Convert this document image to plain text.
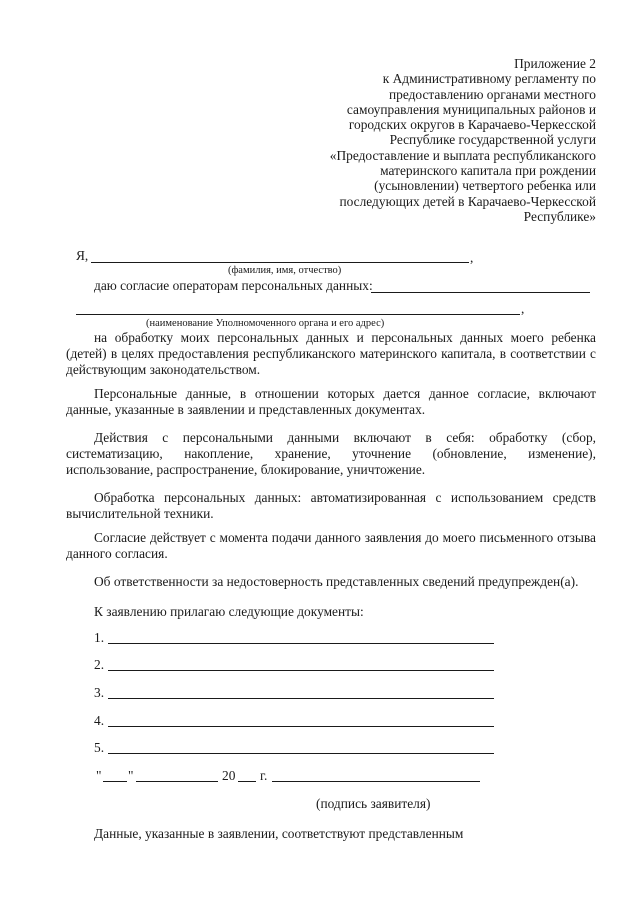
Приложение 2
к Административному регламенту по
предоставлению органами местного
самоуправления муниципальных районов и
городских округов в Карачаево-Черкесской
Республике государственной услуги
«Предоставление и выплата республиканского
материнского капитала при рождении
(усыновлении) четвертого ребенка или
последующих детей в Карачаево-Черкесской
Республике»
Я,	,
(фамилия, имя, отчество)
даю согласие операторам персональных данных:
,
(наименование Уполномоченного органа и его адрес)
на обработку моих персональных данных и персональных данных моего ребенка (детей) в целях предоставления республиканского материнского капитала, в соответствии с действующим законодательством.
Персональные данные, в отношении которых дается данное согласие, включают данные, указанные в заявлении и представленных документах.
Действия с персональными данными включают в себя: обработку (сбор, систематизацию, накопление, хранение, уточнение (обновление, изменение), использование, распространение, блокирование, уничтожение.
Обработка персональных данных: автоматизированная с использованием средств вычислительной техники.
Согласие действует с момента подачи данного заявления до моего письменного отзыва данного согласия.
Об ответственности за недостоверность представленных сведений предупрежден(а).
К заявлению прилагаю следующие документы:
1.
2.
3.
4.
5.
" "	20 г.
(подпись заявителя)
Данные, указанные в заявлении, соответствуют представленным
